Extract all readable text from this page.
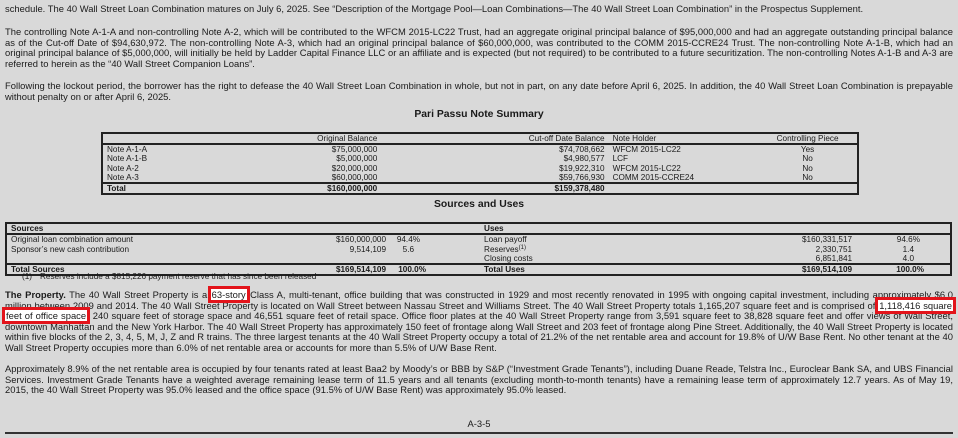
schedule. The 40 Wall Street Loan Combination matures on July 6, 2025. See “Description of the Mortgage Pool—Loan Combinations—The 40 Wall Street Loan Combination” in the Prospectus Supplement.

The controlling Note A-1-A and non-controlling Note A-2, which will be contributed to the WFCM 2015-LC22 Trust, had an aggregate original principal balance of $95,000,000 and had an aggregate outstanding principal balance as of the Cut-off Date of $94,630,972. The non-controlling Note A-3, which had an original principal balance of $60,000,000, was contributed to the COMM 2015-CCRE24 Trust. The non-controlling Note A-1-B, which had an original principal balance of $5,000,000, will initially be held by Ladder Capital Finance LLC or an affiliate and is expected (but not required) to be contributed to a future securitization. The non-controlling Notes A-1-B and A-3 are referred to herein as the “40 Wall Street Companion Loans”.

Following the lockout period, the borrower has the right to defease the 40 Wall Street Loan Combination in whole, but not in part, on any date before April 6, 2025. In addition, the 40 Wall Street Loan Combination is prepayable without penalty on or after April 6, 2025.

Pari Passu Note Summary
	Original Balance	Cut-off Date Balance	Note Holder	Controlling Piece
Note A-1-A	$75,000,000	$74,708,662	WFCM 2015-LC22	Yes
Note A-1-B	$5,000,000	$4,980,577	LCF	No
Note A-2	$20,000,000	$19,922,310	WFCM 2015-LC22	No
Note A-3	$60,000,000	$59,766,930	COMM 2015-CCRE24	No
Total	$160,000,000	$159,378,480		
Sources and Uses
Sources			Uses		
Original loan combination amount	$160,000,000	94.4%	Loan payoff	$160,331,517	94.6%
Sponsor’s new cash contribution	9,514,109	5.6	Reserves$^{(1)}$	2,330,751	1.4
			Closing costs	6,851,841	4.0
Total Sources	$169,514,109	100.0%	Total Uses	$169,514,109	100.0%
(1) Reserves include a $815,226 payment reserve that has since been released

The Property. The 40 Wall Street Property is a 63-story Class A, multi-tenant, office building that was constructed in 1929 and most recently renovated in 1995 with ongoing capital investment, including approximately $6.0 million between 2009 and 2014. The 40 Wall Street Property is located on Wall Street between Nassau Street and Williams Street. The 40 Wall Street Property totals 1,165,207 square feet and is comprised of 1,118,416 square feet of office space, 240 square feet of storage space and 46,551 square feet of retail space. Office floor plates at the 40 Wall Street Property range from 3,591 square feet to 38,828 square feet and offer views of Wall Street, downtown Manhattan and the New York Harbor. The 40 Wall Street Property has approximately 150 feet of frontage along Wall Street and 203 feet of frontage along Pine Street. Additionally, the 40 Wall Street Property is located within five blocks of the 2, 3, 4, 5, M, J, Z and R trains. The three largest tenants at the 40 Wall Street Property occupy a total of 21.2% of the net rentable area and account for 19.8% of U/W Base Rent. No other tenant at the 40 Wall Street Property occupies more than 6.0% of net rentable area or accounts for more than 5.5% of U/W Base Rent.

Approximately 8.9% of the net rentable area is occupied by four tenants rated at least Baa2 by Moody’s or BBB by S&P (“Investment Grade Tenants”), including Duane Reade, Telstra Inc., Euroclear Bank SA, and UBS Financial Services. Investment Grade Tenants have a weighted average remaining lease term of 11.5 years and all tenants (excluding month-to-month tenants) have a remaining lease term of approximately 12.7 years. As of May 19, 2015, the 40 Wall Street Property was 95.0% leased and the office space (91.5% of U/W Base Rent) was approximately 95.0% leased.

A-3-5
